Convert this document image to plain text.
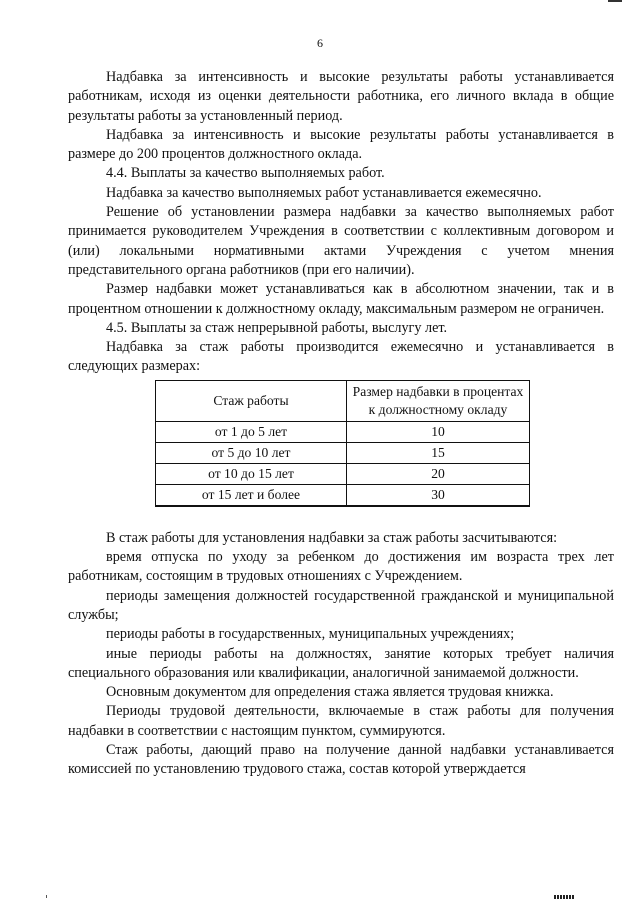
6

Надбавка за интенсивность и высокие результаты работы устанавливается работникам, исходя из оценки деятельности работника, его личного вклада в общие результаты работы за установленный период.

Надбавка за интенсивность и высокие результаты работы устанавливается в размере до 200 процентов должностного оклада.

4.4. Выплаты за качество выполняемых работ.

Надбавка за качество выполняемых работ устанавливается ежемесячно.

Решение об установлении размера надбавки за качество выполняемых работ принимается руководителем Учреждения в соответствии с коллективным договором и (или) локальными нормативными актами Учреждения с учетом мнения представительного органа работников (при его наличии).

Размер надбавки может устанавливаться как в абсолютном значении, так и в процентном отношении к должностному окладу, максимальным размером не ограничен.

4.5. Выплаты за стаж непрерывной работы, выслугу лет.

Надбавка за стаж работы производится ежемесячно и устанавливается в следующих размерах:

Стаж работы	Размер надбавки в процентах к должностному окладу
от 1 до 5 лет	10
от 5 до 10 лет	15
от 10 до 15 лет	20
от 15 лет и более	30

В стаж работы для установления надбавки за стаж работы засчитываются:

время отпуска по уходу за ребенком до достижения им возраста трех лет работникам, состоящим в трудовых отношениях с Учреждением.

периоды замещения должностей государственной гражданской и муниципальной службы;

периоды работы в государственных, муниципальных учреждениях;

иные периоды работы на должностях, занятие которых требует наличия специального образования или квалификации, аналогичной занимаемой должности.

Основным документом для определения стажа является трудовая книжка.

Периоды трудовой деятельности, включаемые в стаж работы для получения надбавки в соответствии с настоящим пунктом, суммируются.

Стаж работы, дающий право на получение данной надбавки устанавливается комиссией по установлению трудового стажа, состав которой утверждается
